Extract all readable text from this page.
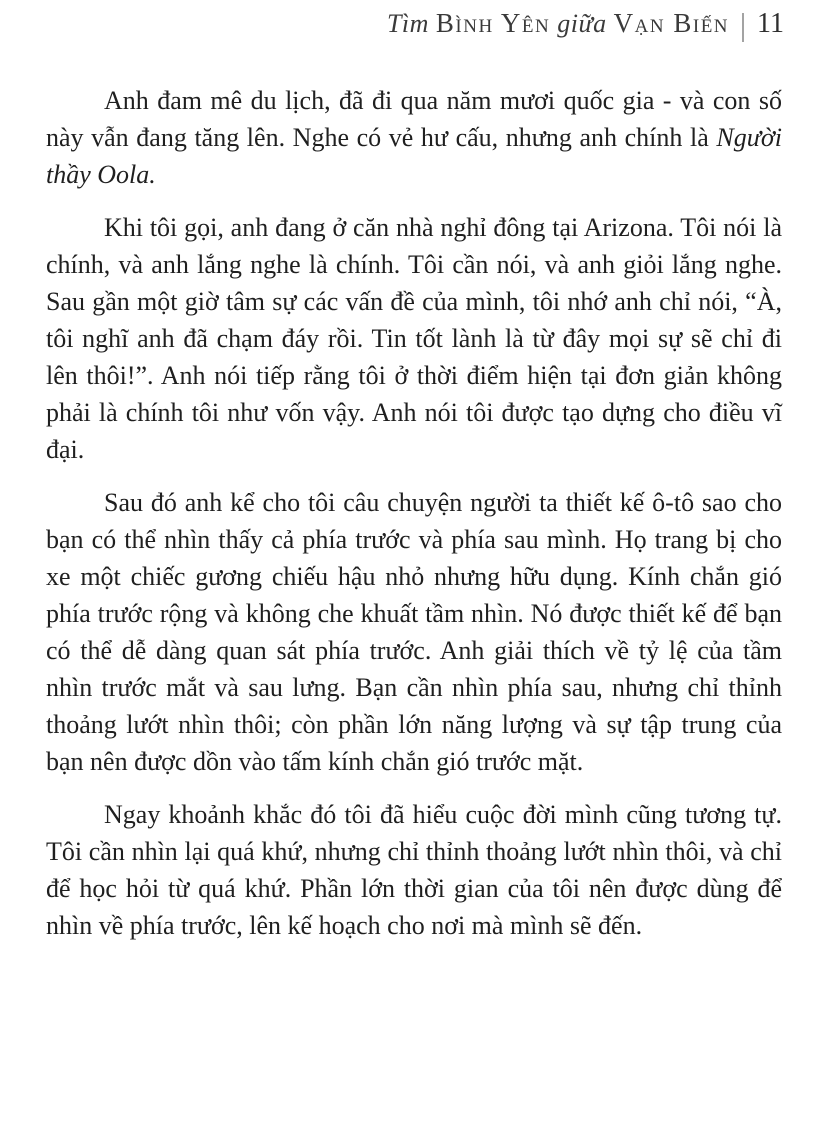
Tìm Bình Yên giữa Vạn Biến 11

Anh đam mê du lịch, đã đi qua năm mươi quốc gia - và con số này vẫn đang tăng lên. Nghe có vẻ hư cấu, nhưng anh chính là Người thầy Oola.

Khi tôi gọi, anh đang ở căn nhà nghỉ đông tại Arizona. Tôi nói là chính, và anh lắng nghe là chính. Tôi cần nói, và anh giỏi lắng nghe. Sau gần một giờ tâm sự các vấn đề của mình, tôi nhớ anh chỉ nói, “À, tôi nghĩ anh đã chạm đáy rồi. Tin tốt lành là từ đây mọi sự sẽ chỉ đi lên thôi!”. Anh nói tiếp rằng tôi ở thời điểm hiện tại đơn giản không phải là chính tôi như vốn vậy. Anh nói tôi được tạo dựng cho điều vĩ đại.

Sau đó anh kể cho tôi câu chuyện người ta thiết kế ô-tô sao cho bạn có thể nhìn thấy cả phía trước và phía sau mình. Họ trang bị cho xe một chiếc gương chiếu hậu nhỏ nhưng hữu dụng. Kính chắn gió phía trước rộng và không che khuất tầm nhìn. Nó được thiết kế để bạn có thể dễ dàng quan sát phía trước. Anh giải thích về tỷ lệ của tầm nhìn trước mắt và sau lưng. Bạn cần nhìn phía sau, nhưng chỉ thỉnh thoảng lướt nhìn thôi; còn phần lớn năng lượng và sự tập trung của bạn nên được dồn vào tấm kính chắn gió trước mặt.

Ngay khoảnh khắc đó tôi đã hiểu cuộc đời mình cũng tương tự. Tôi cần nhìn lại quá khứ, nhưng chỉ thỉnh thoảng lướt nhìn thôi, và chỉ để học hỏi từ quá khứ. Phần lớn thời gian của tôi nên được dùng để nhìn về phía trước, lên kế hoạch cho nơi mà mình sẽ đến.
